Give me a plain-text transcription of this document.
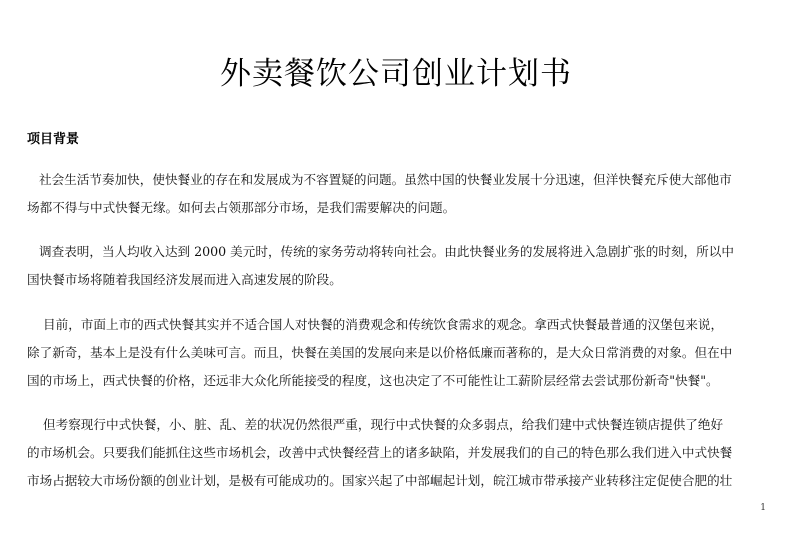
外卖餐饮公司创业计划书
项目背景
社会生活节奏加快，使快餐业的存在和发展成为不容置疑的问题。虽然中国的快餐业发展十分迅速，但洋快餐充斥使大部他市
场都不得与中式快餐无缘。如何去占领那部分市场，是我们需要解决的问题。
调查表明，当人均收入达到 2000 美元时，传统的家务劳动将转向社会。由此快餐业务的发展将进入急剧扩张的时刻，所以中
国快餐市场将随着我国经济发展而进入高速发展的阶段。
目前，市面上市的西式快餐其实并不适合国人对快餐的消费观念和传统饮食需求的观念。拿西式快餐最普通的汉堡包来说，
除了新奇，基本上是没有什么美味可言。而且，快餐在美国的发展向来是以价格低廉而著称的，是大众日常消费的对象。但在中
国的市场上，西式快餐的价格，还远非大众化所能接受的程度，这也决定了不可能性让工薪阶层经常去尝试那份新奇"快餐"。
但考察现行中式快餐，小、脏、乱、差的状况仍然很严重，现行中式快餐的众多弱点，给我们建中式快餐连锁店提供了绝好
的市场机会。只要我们能抓住这些市场机会，改善中式快餐经营上的诸多缺陷，并发展我们的自己的特色那么我们进入中式快餐
市场占据较大市场份额的创业计划，是极有可能成功的。国家兴起了中部崛起计划，皖江城市带承接产业转移注定促使合肥的壮
1
